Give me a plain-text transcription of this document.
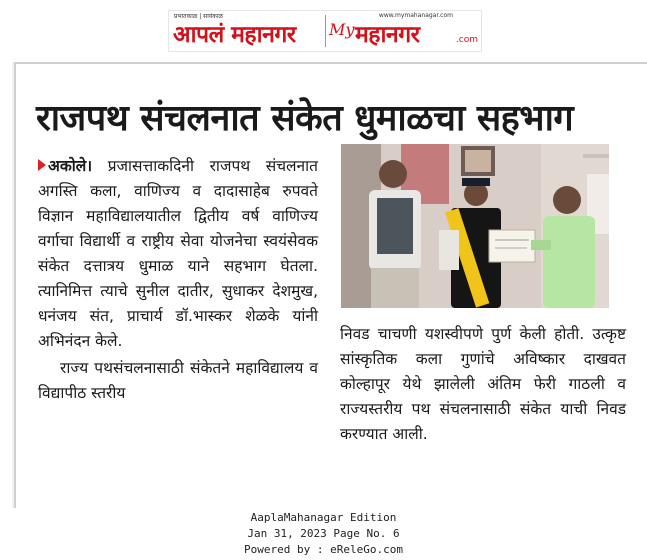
प्रभातकाळ | सायंकाळ
आपलं महानगर
www.mymahanagar.com
My महानगर	.com
राजपथ संचलनात संकेत धुमाळचा सहभाग

अकोले। प्रजासत्ताकदिनी राजपथ संचलनात अगस्ति कला, वाणिज्य व दादासाहेब रुपवते विज्ञान महाविद्यालयातील द्वितीय वर्ष वाणिज्य वर्गाचा विद्यार्थी व राष्ट्रीय सेवा योजनेचा स्वयंसेवक संकेत दत्तात्रय धुमाळ याने सहभाग घेतला. त्यानिमित्त त्याचे सुनील दातीर, सुधाकर देशमुख, धनंजय संत, प्राचार्य डॉ.भास्कर शेळके यांनी अभिनंदन केले.

राज्य पथसंचलनासाठी संकेतने महाविद्यालय व विद्यापीठ स्तरीय

निवड चाचणी यशस्वीपणे पुर्ण केली होती. उत्कृष्ट सांस्कृतिक कला गुणांचे अविष्कार दाखवत कोल्हापूर येथे झालेली अंतिम फेरी गाठली व राज्यस्तरीय पथ संचलनासाठी संकेत याची निवड करण्यात आली.

AaplaMahanagar Edition
Jan 31, 2023 Page No. 6
Powered by : eReleGo.com
